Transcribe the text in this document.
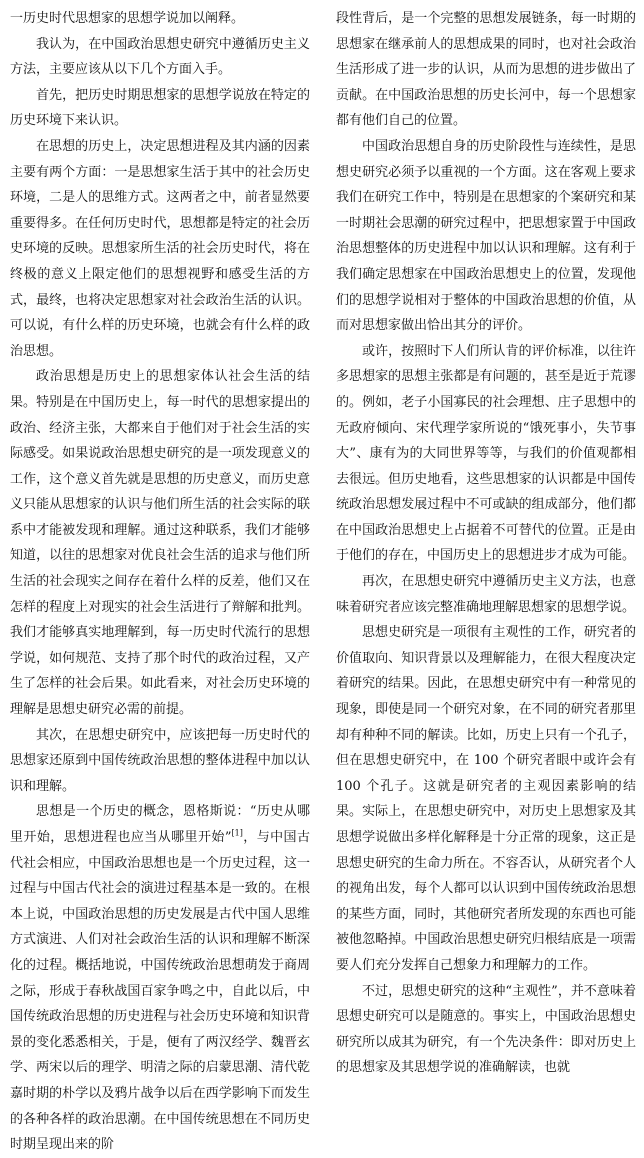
一历史时代思想家的思想学说加以阐释。

我认为，在中国政治思想史研究中遵循历史主义方法，主要应该从以下几个方面入手。

首先，把历史时期思想家的思想学说放在特定的历史环境下来认识。

在思想的历史上，决定思想进程及其内涵的因素主要有两个方面：一是思想家生活于其中的社会历史环境，二是人的思维方式。这两者之中，前者显然要重要得多。在任何历史时代，思想都是特定的社会历史环境的反映。思想家所生活的社会历史时代，将在终极的意义上限定他们的思想视野和感受生活的方式，最终，也将决定思想家对社会政治生活的认识。可以说，有什么样的历史环境，也就会有什么样的政治思想。

政治思想是历史上的思想家体认社会生活的结果。特别是在中国历史上，每一时代的思想家提出的政治、经济主张，大都来自于他们对于社会生活的实际感受。如果说政治思想史研究的是一项发现意义的工作，这个意义首先就是思想的历史意义，而历史意义只能从思想家的认识与他们所生活的社会实际的联系中才能被发现和理解。通过这种联系，我们才能够知道，以往的思想家对优良社会生活的追求与他们所生活的社会现实之间存在着什么样的反差，他们又在怎样的程度上对现实的社会生活进行了辩解和批判。我们才能够真实地理解到，每一历史时代流行的思想学说，如何规范、支持了那个时代的政治过程，又产生了怎样的社会后果。如此看来，对社会历史环境的理解是思想史研究必需的前提。

其次，在思想史研究中，应该把每一历史时代的思想家还原到中国传统政治思想的整体进程中加以认识和理解。

思想是一个历史的概念，恩格斯说：“历史从哪里开始，思想进程也应当从哪里开始”[1]，与中国古代社会相应，中国政治思想也是一个历史过程，这一过程与中国古代社会的演进过程基本是一致的。在根本上说，中国政治思想的历史发展是古代中国人思维方式演进、人们对社会政治生活的认识和理解不断深化的过程。概括地说，中国传统政治思想萌发于商周之际，形成于春秋战国百家争鸣之中，自此以后，中国传统政治思想的历史进程与社会历史环境和知识背景的变化悉悉相关，于是，便有了两汉经学、魏晋玄学、两宋以后的理学、明清之际的启蒙思潮、清代乾嘉时期的朴学以及鸦片战争以后在西学影响下而发生的各种各样的政治思潮。在中国传统思想在不同历史时期呈现出来的阶

段性背后，是一个完整的思想发展链条，每一时期的思想家在继承前人的思想成果的同时，也对社会政治生活形成了进一步的认识，从而为思想的进步做出了贡献。在中国政治思想的历史长河中，每一个思想家都有他们自己的位置。

中国政治思想自身的历史阶段性与连续性，是思想史研究必须予以重视的一个方面。这在客观上要求我们在研究工作中，特别是在思想家的个案研究和某一时期社会思潮的研究过程中，把思想家置于中国政治思想整体的历史进程中加以认识和理解。这有利于我们确定思想家在中国政治思想史上的位置，发现他们的思想学说相对于整体的中国政治思想的价值，从而对思想家做出恰出其分的评价。

或许，按照时下人们所认肯的评价标准，以往许多思想家的思想主张都是有问题的，甚至是近于荒谬的。例如，老子小国寡民的社会理想、庄子思想中的无政府倾向、宋代理学家所说的“饿死事小，失节事大”、康有为的大同世界等等，与我们的价值观都相去很远。但历史地看，这些思想家的认识都是中国传统政治思想发展过程中不可或缺的组成部分，他们都在中国政治思想史上占据着不可替代的位置。正是由于他们的存在，中国历史上的思想进步才成为可能。

再次，在思想史研究中遵循历史主义方法，也意味着研究者应该完整准确地理解思想家的思想学说。

思想史研究是一项很有主观性的工作，研究者的价值取向、知识背景以及理解能力，在很大程度决定着研究的结果。因此，在思想史研究中有一种常见的现象，即使是同一个研究对象，在不同的研究者那里却有种种不同的解读。比如，历史上只有一个孔子，但在思想史研究中，在 100 个研究者眼中或许会有 100 个孔子。这就是研究者的主观因素影响的结果。实际上，在思想史研究中，对历史上思想家及其思想学说做出多样化解释是十分正常的现象，这正是思想史研究的生命力所在。不容否认，从研究者个人的视角出发，每个人都可以认识到中国传统政治思想的某些方面，同时，其他研究者所发现的东西也可能被他忽略掉。中国政治思想史研究归根结底是一项需要人们充分发挥自己想象力和理解力的工作。

不过，思想史研究的这种“主观性”，并不意味着思想史研究可以是随意的。事实上，中国政治思想史研究所以成其为研究，有一个先决条件：即对历史上的思想家及其思想学说的准确解读，也就
